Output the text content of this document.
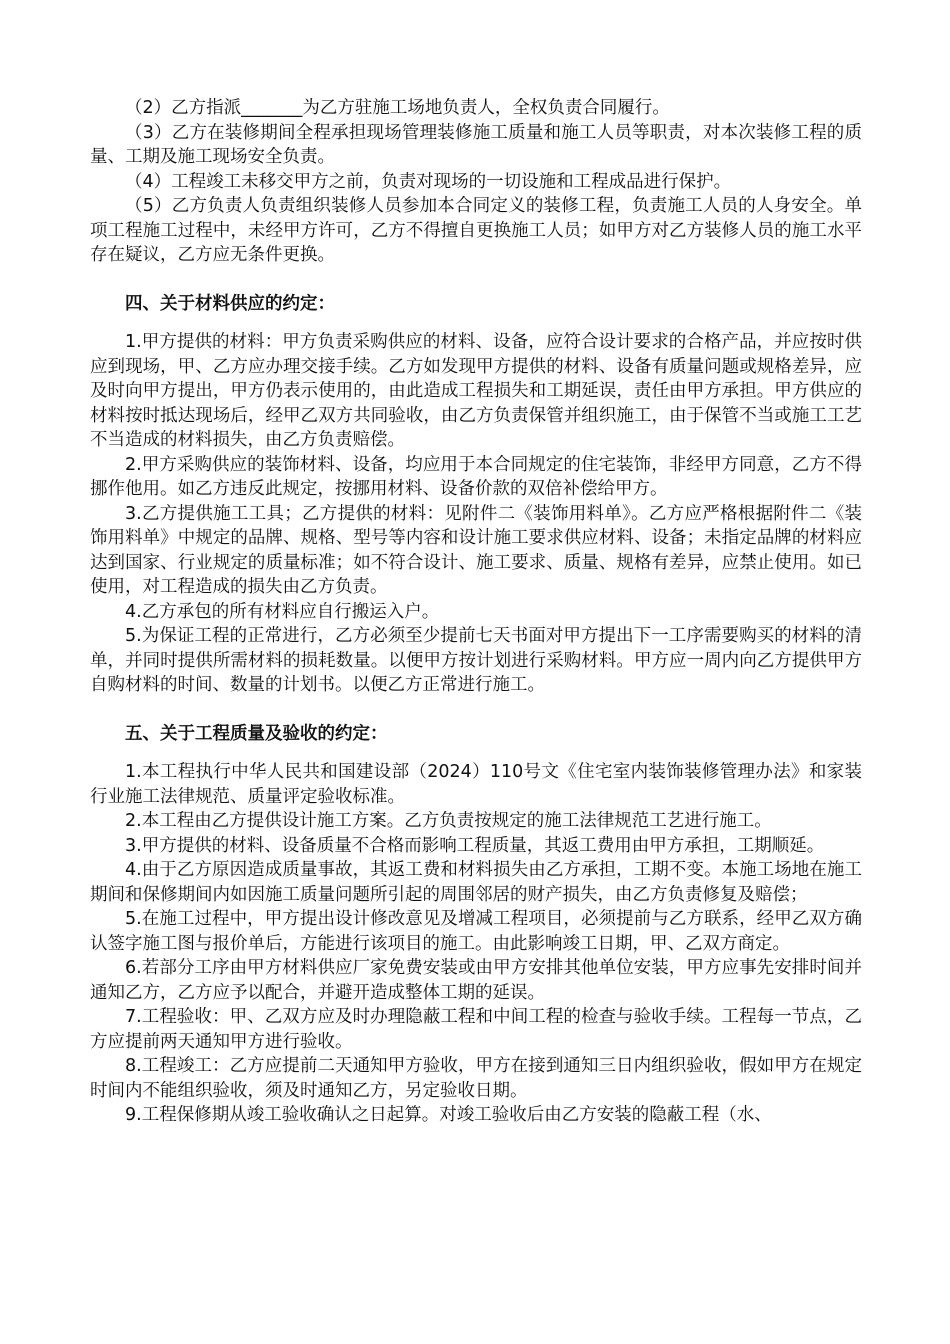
（2）乙方指派_______为乙方驻施工场地负责人，全权负责合同履行。

（3）乙方在装修期间全程承担现场管理装修施工质量和施工人员等职责，对本次装修工程的质量、工期及施工现场安全负责。

（4）工程竣工未移交甲方之前，负责对现场的一切设施和工程成品进行保护。

（5）乙方负责人负责组织装修人员参加本合同定义的装修工程，负责施工人员的人身安全。单项工程施工过程中，未经甲方许可，乙方不得擅自更换施工人员；如甲方对乙方装修人员的施工水平存在疑议，乙方应无条件更换。

四、关于材料供应的约定：

1.甲方提供的材料：甲方负责采购供应的材料、设备，应符合设计要求的合格产品，并应按时供应到现场，甲、乙方应办理交接手续。乙方如发现甲方提供的材料、设备有质量问题或规格差异，应及时向甲方提出，甲方仍表示使用的，由此造成工程损失和工期延误，责任由甲方承担。甲方供应的材料按时抵达现场后，经甲乙双方共同验收，由乙方负责保管并组织施工，由于保管不当或施工工艺不当造成的材料损失，由乙方负责赔偿。

2.甲方采购供应的装饰材料、设备，均应用于本合同规定的住宅装饰，非经甲方同意，乙方不得挪作他用。如乙方违反此规定，按挪用材料、设备价款的双倍补偿给甲方。

3.乙方提供施工工具；乙方提供的材料：见附件二《装饰用料单》。乙方应严格根据附件二《装饰用料单》中规定的品牌、规格、型号等内容和设计施工要求供应材料、设备；未指定品牌的材料应达到国家、行业规定的质量标准；如不符合设计、施工要求、质量、规格有差异，应禁止使用。如已使用，对工程造成的损失由乙方负责。

4.乙方承包的所有材料应自行搬运入户。

5.为保证工程的正常进行，乙方必须至少提前七天书面对甲方提出下一工序需要购买的材料的清单，并同时提供所需材料的损耗数量。以便甲方按计划进行采购材料。甲方应一周内向乙方提供甲方自购材料的时间、数量的计划书。以便乙方正常进行施工。

五、关于工程质量及验收的约定：

1.本工程执行中华人民共和国建设部（2024）110号文《住宅室内装饰装修管理办法》和家装行业施工法律规范、质量评定验收标准。

2.本工程由乙方提供设计施工方案。乙方负责按规定的施工法律规范工艺进行施工。

3.甲方提供的材料、设备质量不合格而影响工程质量，其返工费用由甲方承担，工期顺延。

4.由于乙方原因造成质量事故，其返工费和材料损失由乙方承担，工期不变。本施工场地在施工期间和保修期间内如因施工质量问题所引起的周围邻居的财产损失，由乙方负责修复及赔偿；

5.在施工过程中，甲方提出设计修改意见及增减工程项目，必须提前与乙方联系，经甲乙双方确认签字施工图与报价单后，方能进行该项目的施工。由此影响竣工日期，甲、乙双方商定。

6.若部分工序由甲方材料供应厂家免费安装或由甲方安排其他单位安装，甲方应事先安排时间并通知乙方，乙方应予以配合，并避开造成整体工期的延误。

7.工程验收：甲、乙双方应及时办理隐蔽工程和中间工程的检查与验收手续。工程每一节点，乙方应提前两天通知甲方进行验收。

8.工程竣工：乙方应提前二天通知甲方验收，甲方在接到通知三日内组织验收，假如甲方在规定时间内不能组织验收，须及时通知乙方，另定验收日期。

9.工程保修期从竣工验收确认之日起算。对竣工验收后由乙方安装的隐蔽工程（水、
